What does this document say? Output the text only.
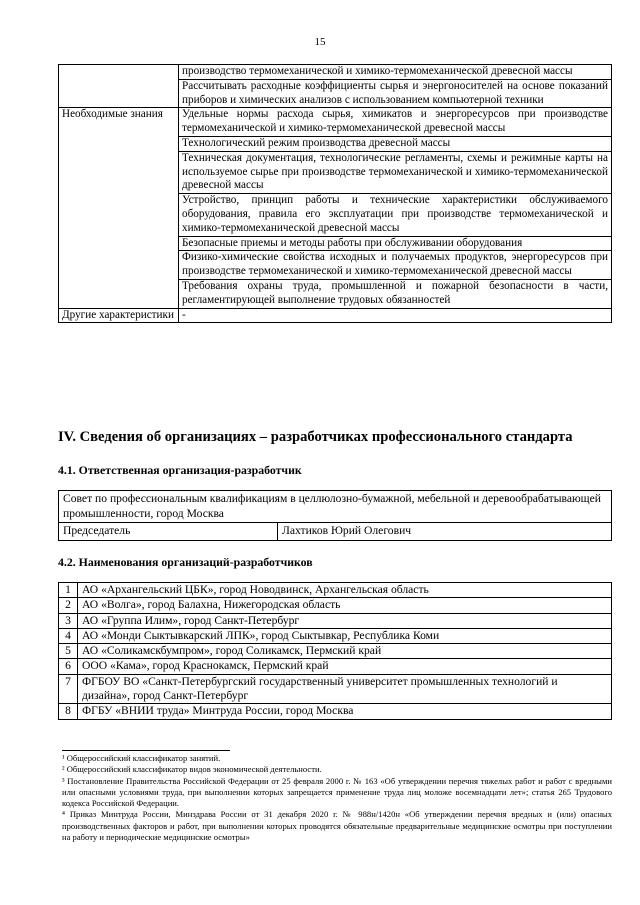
15
	производство термомеханической и химико-термомеханической древесной массы
	Рассчитывать расходные коэффициенты сырья и энергоносителей на основе показаний приборов и химических анализов с использованием компьютерной техники
Необходимые знания	Удельные нормы расхода сырья, химикатов и энергоресурсов при производстве термомеханической и химико-термомеханической древесной массы
	Технологический режим производства древесной массы
	Техническая документация, технологические регламенты, схемы и режимные карты на используемое сырье при производстве термомеханической и химико-термомеханической древесной массы
	Устройство, принцип работы и технические характеристики обслуживаемого оборудования, правила его эксплуатации при производстве термомеханической и химико-термомеханической древесной массы
	Безопасные приемы и методы работы при обслуживании оборудования
	Физико-химические свойства исходных и получаемых продуктов, энергоресурсов при производстве термомеханической и химико-термомеханической древесной массы
	Требования охраны труда, промышленной и пожарной безопасности в части, регламентирующей выполнение трудовых обязанностей
Другие характеристики	-
IV. Сведения об организациях – разработчиках профессионального стандарта
4.1. Ответственная организация-разработчик
Совет по профессиональным квалификациям в целлюлозно-бумажной, мебельной и деревообрабатывающей промышленности, город Москва
Председатель	Лахтиков Юрий Олегович
4.2. Наименования организаций-разработчиков
1	АО «Архангельский ЦБК», город Новодвинск, Архангельская область
2	АО «Волга», город Балахна, Нижегородская область
3	АО «Группа Илим», город Санкт-Петербург
4	АО «Монди Сыктывкарский ЛПК», город Сыктывкар, Республика Коми
5	АО «Соликамскбумпром», город Соликамск, Пермский край
6	ООО «Кама», город Краснокамск, Пермский край
7	ФГБОУ ВО «Санкт-Петербургский государственный университет промышленных технологий и дизайна», город Санкт-Петербург
8	ФГБУ «ВНИИ труда» Минтруда России, город Москва

¹ Общероссийский классификатор занятий.

² Общероссийский классификатор видов экономической деятельности.

³ Постановление Правительства Российской Федерации от 25 февраля 2000 г. № 163 «Об утверждении перечня тяжелых работ и работ с вредными или опасными условиями труда, при выполнении которых запрещается применение труда лиц моложе восемнадцати лет»; статья 265 Трудового кодекса Российской Федерации.

⁴ Приказ Минтруда России, Минздрава России от 31 декабря 2020 г. № 988н/1420н «Об утверждении перечня вредных и (или) опасных производственных факторов и работ, при выполнении которых проводятся обязательные предварительные медицинские осмотры при поступлении на работу и периодические медицинские осмотры»
